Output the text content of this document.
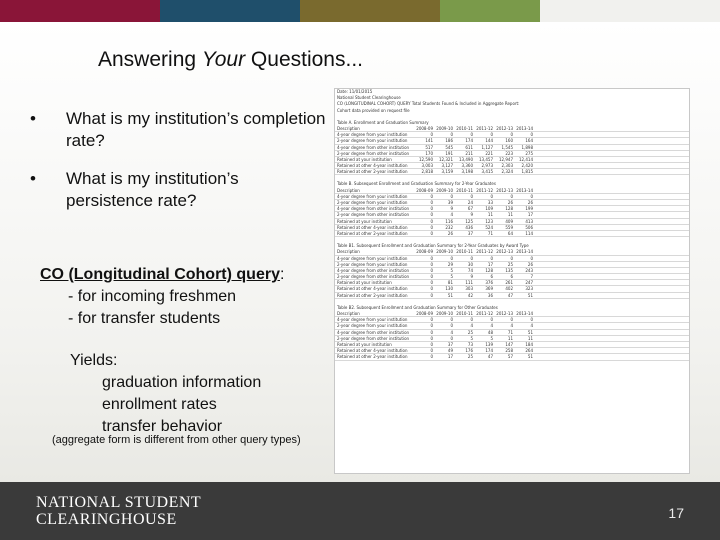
Answering Your Questions...
•	What is my institution’s completion rate?
•	What is my institution’s persistence rate?
CO (Longitudinal Cohort) query:
- for incoming freshmen
- for transfer students
Yields:
graduation information
enrollment rates
transfer behavior
(aggregate form is different from other query types)
Date: 11/01/2015
National Student Clearinghouse
CO (LONGITUDINAL COHORT) QUERY Total Students Found & Included in Aggregate Report:
Cohort data provided on request file
Table A. Enrollment and Graduation Summary
Description	2008-09 2009-10 2010-11 2011-12 2012-13 2013-14
4-year degree from your institution	0	0	0	0	0	0
2-year degree from your institution	141	186	174	144	160	164
4-year degree from other institution	517	545	611	1,127	1,545	1,898
2-year degree from other institution	170	191	211	221	223	275
Retained at your institution	12,590	12,321	13,490	13,457	12,947	12,414
Retained at other 4-year institution	3,003	3,127	3,360	2,973	2,303	2,420
Retained at other 2-year institution	2,818	3,159	3,198	3,415	2,324	1,815
Table B. Subsequent Enrollment and Graduation Summary for 2-Year Graduates
Description	2008-09 2009-10 2010-11 2011-12 2012-13 2013-14
4-year degree from your institution	0	0	0	0	0	0
2-year degree from your institution	0	39	24	33	26	26
4-year degree from other institution	0	9	67	109	128	199
2-year degree from other institution	0	4	9	11	11	17
Retained at your institution	0	116	125	123	409	413
Retained at other 4-year institution	0	232	436	524	559	506
Retained at other 2-year institution	0	26	37	71	64	114
Table B1. Subsequent Enrollment and Graduation Summary for 2-Year Graduates by Award Type
Description	2008-09 2009-10 2010-11 2011-12 2012-13 2013-14
4-year degree from your institution	0	0	0	0	0	0
2-year degree from your institution	0	29	30	17	25	26
4-year degree from other institution	0	5	74	128	135	243
2-year degree from other institution	0	5	9	6	6	7
Retained at your institution	0	81	111	376	261	247
Retained at other 4-year institution	0	130	303	369	402	323
Retained at other 2-year institution	0	51	42	36	47	51
Table B2. Subsequent Enrollment and Graduation Summary for Other Graduates
Description	2008-09 2009-10 2010-11 2011-12 2012-13 2013-14
4-year degree from your institution	0	0	0	0	0	0
2-year degree from your institution	0	0	4	4	4	4
4-year degree from other institution	0	4	25	48	71	51
2-year degree from other institution	0	0	5	5	11	11
Retained at your institution	0	37	73	139	147	184
Retained at other 4-year institution	0	49	176	174	258	264
Retained at other 2-year institution	0	17	25	47	57	51
NATIONAL STUDENT
CLEARINGHOUSE	17
